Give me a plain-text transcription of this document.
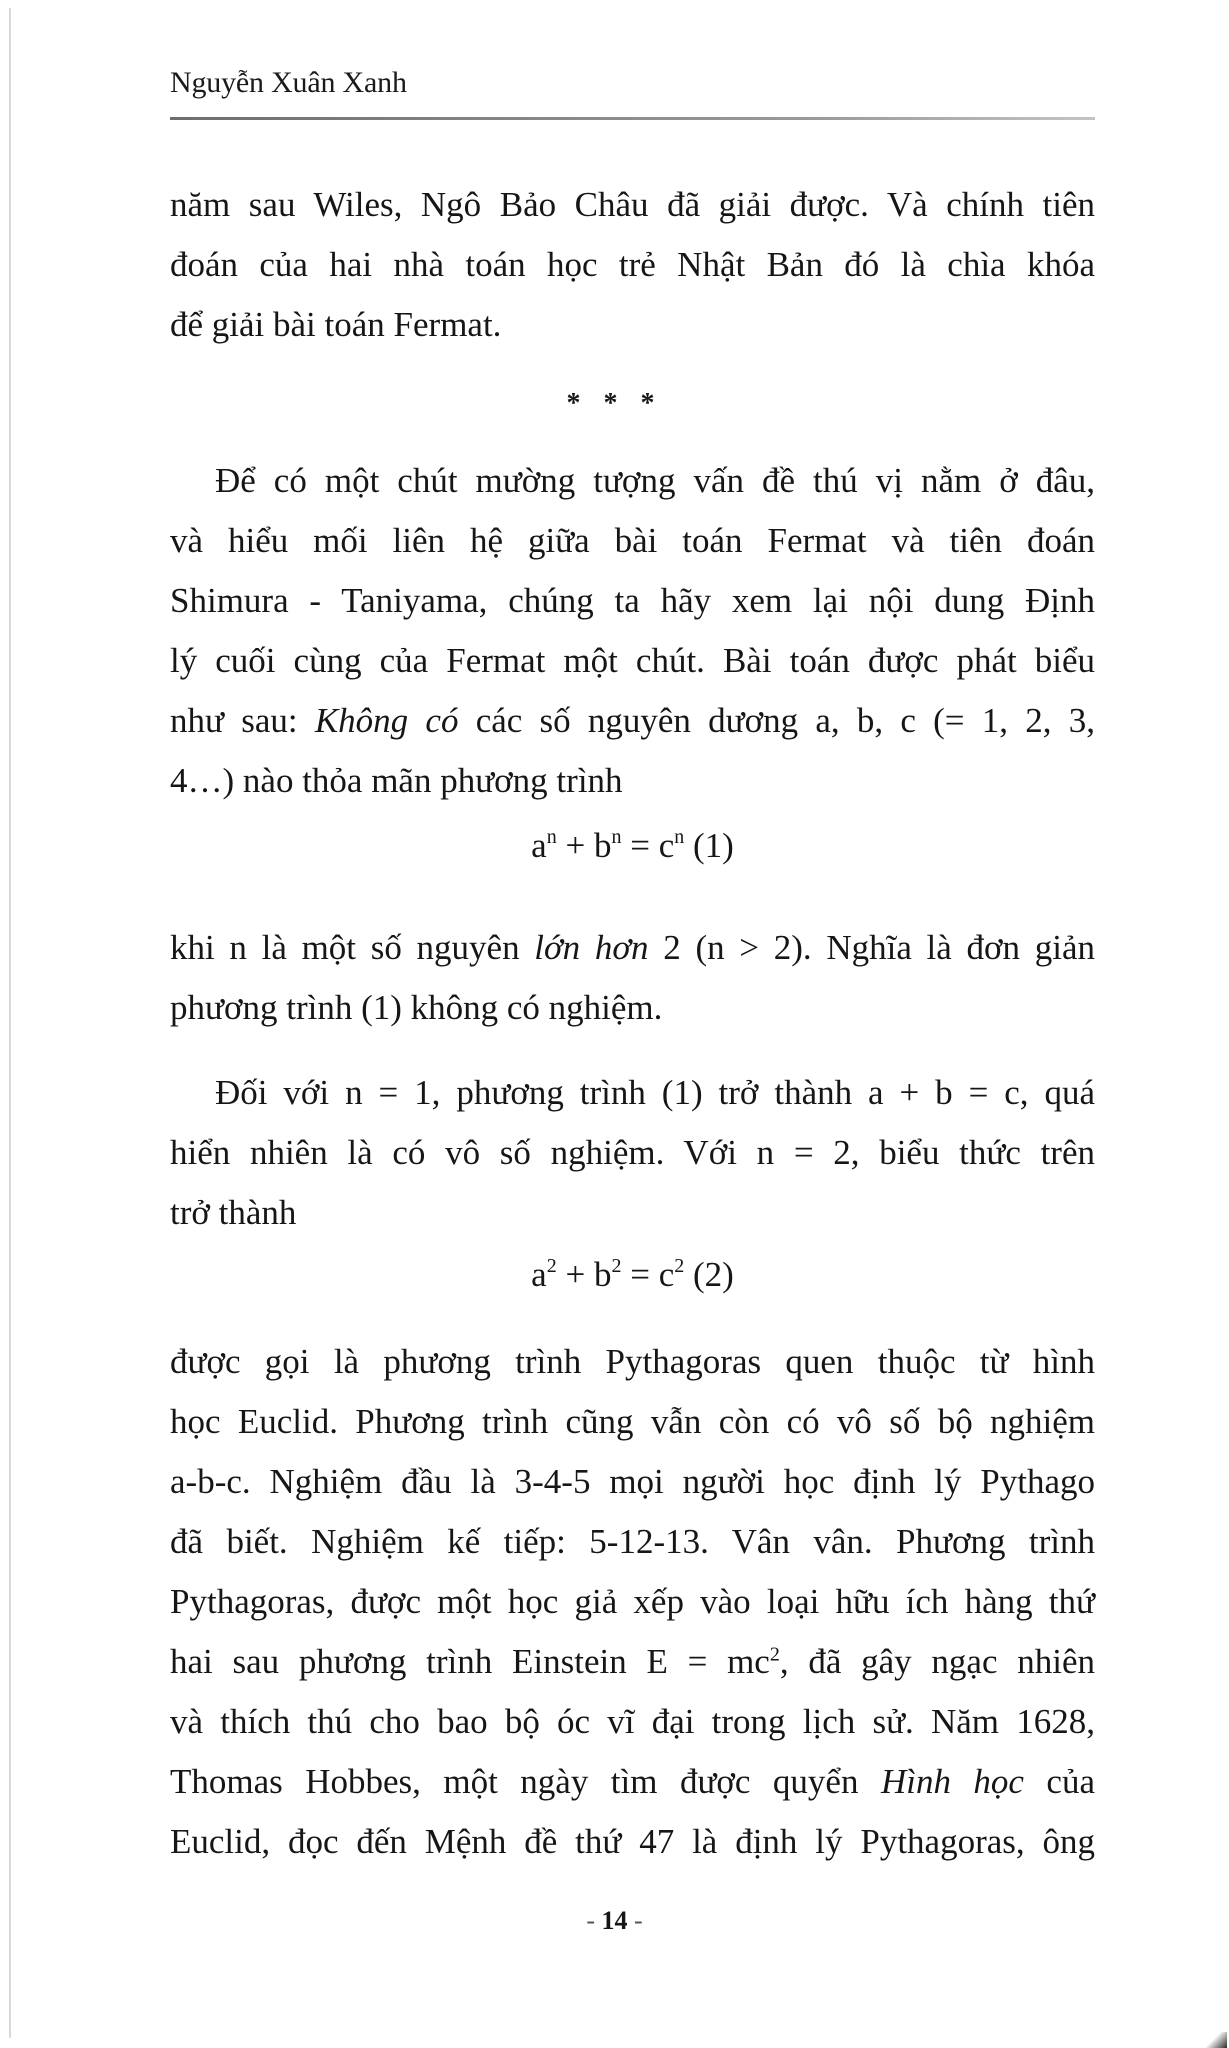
Nguyễn Xuân Xanh
năm sau Wiles, Ngô Bảo Châu đã giải được. Và chính tiên
đoán của hai nhà toán học trẻ Nhật Bản đó là chìa khóa
để giải bài toán Fermat.
* * *
Để có một chút mường tượng vấn đề thú vị nằm ở đâu,
và hiểu mối liên hệ giữa bài toán Fermat và tiên đoán
Shimura - Taniyama, chúng ta hãy xem lại nội dung Định
lý cuối cùng của Fermat một chút. Bài toán được phát biểu
như sau: Không có các số nguyên dương a, b, c (= 1, 2, 3,
4…) nào thỏa mãn phương trình
$a^n + b^n = c^n$ (1)
khi n là một số nguyên lớn hơn 2 (n > 2). Nghĩa là đơn giản
phương trình (1) không có nghiệm.
Đối với n = 1, phương trình (1) trở thành a + b = c, quá
hiển nhiên là có vô số nghiệm. Với n = 2, biểu thức trên
trở thành
$a^2 + b^2 = c^2$ (2)
được gọi là phương trình Pythagoras quen thuộc từ hình
học Euclid. Phương trình cũng vẫn còn có vô số bộ nghiệm
a-b-c. Nghiệm đầu là 3-4-5 mọi người học định lý Pythago
đã biết. Nghiệm kế tiếp: 5-12-13. Vân vân. Phương trình
Pythagoras, được một học giả xếp vào loại hữu ích hàng thứ
hai sau phương trình Einstein $E = mc^2$, đã gây ngạc nhiên
và thích thú cho bao bộ óc vĩ đại trong lịch sử. Năm 1628,
Thomas Hobbes, một ngày tìm được quyển Hình học của
Euclid, đọc đến Mệnh đề thứ 47 là định lý Pythagoras, ông
- 14 -
